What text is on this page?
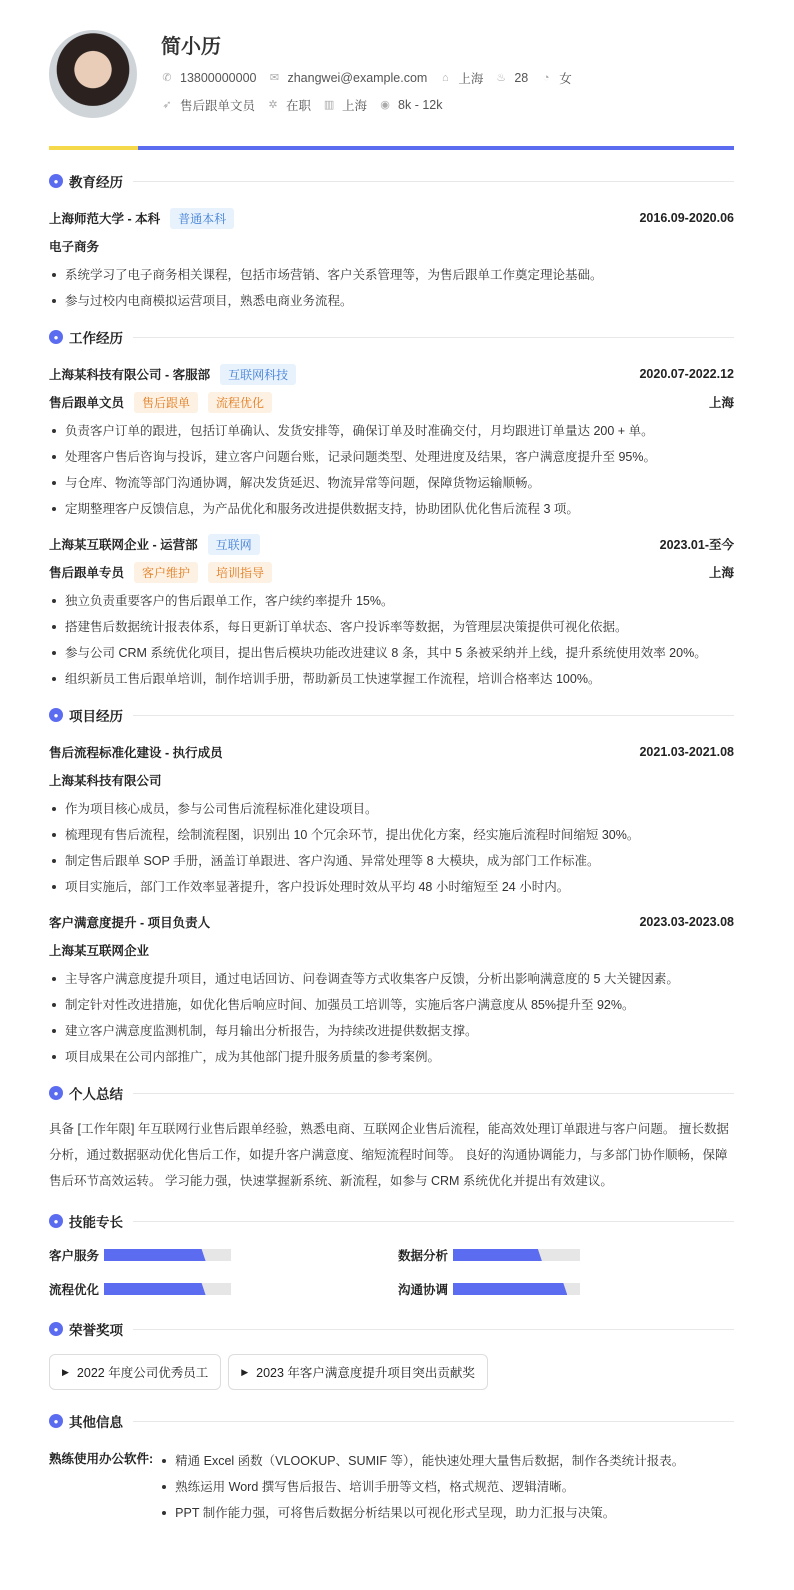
简小历
✆ 13800000000 ✉ zhangwei@example.com ⌂ 上海 ♨ 28 ◔ 女
➶ 售后跟单文员 ✲ 在职 ▥ 上海 ◉ 8k - 12k
● 教育经历
上海师范大学 - 本科	普通本科	2016.09-2020.06
电子商务
系统学习了电子商务相关课程，包括市场营销、客户关系管理等，为售后跟单工作奠定理论基础。
参与过校内电商模拟运营项目，熟悉电商业务流程。
● 工作经历
上海某科技有限公司 - 客服部	互联网科技	2020.07-2022.12
售后跟单文员	售后跟单	流程优化	上海
负责客户订单的跟进，包括订单确认、发货安排等，确保订单及时准确交付，月均跟进订单量达 200 + 单。
处理客户售后咨询与投诉，建立客户问题台账，记录问题类型、处理进度及结果，客户满意度提升至 95%。
与仓库、物流等部门沟通协调，解决发货延迟、物流异常等问题，保障货物运输顺畅。
定期整理客户反馈信息，为产品优化和服务改进提供数据支持，协助团队优化售后流程 3 项。
上海某互联网企业 - 运营部	互联网	2023.01-至今
售后跟单专员	客户维护	培训指导	上海
独立负责重要客户的售后跟单工作，客户续约率提升 15%。
搭建售后数据统计报表体系，每日更新订单状态、客户投诉率等数据，为管理层决策提供可视化依据。
参与公司 CRM 系统优化项目，提出售后模块功能改进建议 8 条，其中 5 条被采纳并上线，提升系统使用效率 20%。
组织新员工售后跟单培训，制作培训手册，帮助新员工快速掌握工作流程，培训合格率达 100%。
● 项目经历
售后流程标准化建设 - 执行成员	2021.03-2021.08
上海某科技有限公司
作为项目核心成员，参与公司售后流程标准化建设项目。
梳理现有售后流程，绘制流程图，识别出 10 个冗余环节，提出优化方案，经实施后流程时间缩短 30%。
制定售后跟单 SOP 手册，涵盖订单跟进、客户沟通、异常处理等 8 大模块，成为部门工作标准。
项目实施后，部门工作效率显著提升，客户投诉处理时效从平均 48 小时缩短至 24 小时内。
客户满意度提升 - 项目负责人	2023.03-2023.08
上海某互联网企业
主导客户满意度提升项目，通过电话回访、问卷调查等方式收集客户反馈，分析出影响满意度的 5 大关键因素。
制定针对性改进措施，如优化售后响应时间、加强员工培训等，实施后客户满意度从 85%提升至 92%。
建立客户满意度监测机制，每月输出分析报告，为持续改进提供数据支撑。
项目成果在公司内部推广，成为其他部门提升服务质量的参考案例。
● 个人总结

具备 [工作年限] 年互联网行业售后跟单经验，熟悉电商、互联网企业售后流程，能高效处理订单跟进与客户问题。 擅长数据分析，通过数据驱动优化售后工作，如提升客户满意度、缩短流程时间等。 良好的沟通协调能力，与多部门协作顺畅，保障售后环节高效运转。 学习能力强，快速掌握新系统、新流程，如参与 CRM 系统优化并提出有效建议。

● 技能专长
客户服务	数据分析
流程优化	沟通协调
● 荣誉奖项
▶ 2022 年度公司优秀员工	▶ 2023 年客户满意度提升项目突出贡献奖
● 其他信息
熟练使用办公软件:	精通 Excel 函数（VLOOKUP、SUMIF 等），能快速处理大量售后数据，制作各类统计报表。
熟练运用 Word 撰写售后报告、培训手册等文档，格式规范、逻辑清晰。
PPT 制作能力强，可将售后数据分析结果以可视化形式呈现，助力汇报与决策。
